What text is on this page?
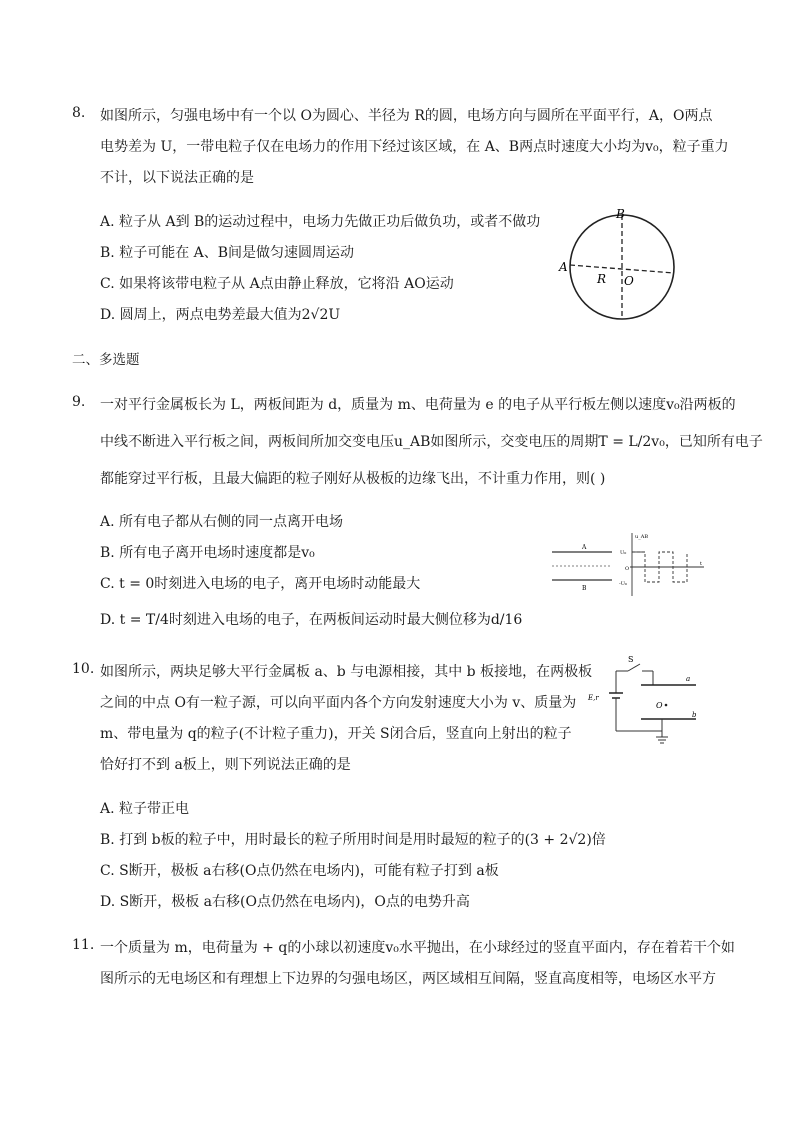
8. 如图所示，匀强电场中有一个以 O为圆心、半径为 R的圆，电场方向与圆所在平面平行，A，O两点
电势差为 U，一带电粒子仅在电场力的作用下经过该区域，在 A、B两点时速度大小均为v₀，粒子重力
不计，以下说法正确的是
A. 粒子从 A到 B的运动过程中，电场力先做正功后做负功，或者不做功
B. 粒子可能在 A、B间是做匀速圆周运动
C. 如果将该带电粒子从 A点由静止释放，它将沿 AO运动
D. 圆周上，两点电势差最大值为2√2U
B
A
R O
二、多选题
9. 一对平行金属板长为 L，两板间距为 d，质量为 m、电荷量为 e 的电子从平行板左侧以速度v₀沿两板的
中线不断进入平行板之间，两板间所加交变电压u_AB如图所示，交变电压的周期T = L/2v₀，已知所有电子
都能穿过平行板，且最大偏距的粒子刚好从极板的边缘飞出，不计重力作用，则( )
A. 所有电子都从右侧的同一点离开电场
B. 所有电子离开电场时速度都是v₀
C. t = 0时刻进入电场的电子，离开电场时动能最大
D. t = T/4时刻进入电场的电子，在两板间运动时最大侧位移为d/16
A
B
u_AB
U₀
O
-U₀
t
10. 如图所示，两块足够大平行金属板 a、b 与电源相接，其中 b 板接地，在两极板
之间的中点 O有一粒子源，可以向平面内各个方向发射速度大小为 v、质量为
m、带电量为 q的粒子(不计粒子重力)，开关 S闭合后，竖直向上射出的粒子
恰好打不到 a板上，则下列说法正确的是
A. 粒子带正电
B. 打到 b板的粒子中，用时最长的粒子所用时间是用时最短的粒子的(3 + 2√2)倍
C. S断开，极板 a右移(O点仍然在电场内)，可能有粒子打到 a板
D. S断开，极板 a右移(O点仍然在电场内)，O点的电势升高
S
a
E,r
O
b
11. 一个质量为 m，电荷量为 + q的小球以初速度v₀水平抛出，在小球经过的竖直平面内，存在着若干个如
图所示的无电场区和有理想上下边界的匀强电场区，两区域相互间隔，竖直高度相等，电场区水平方
